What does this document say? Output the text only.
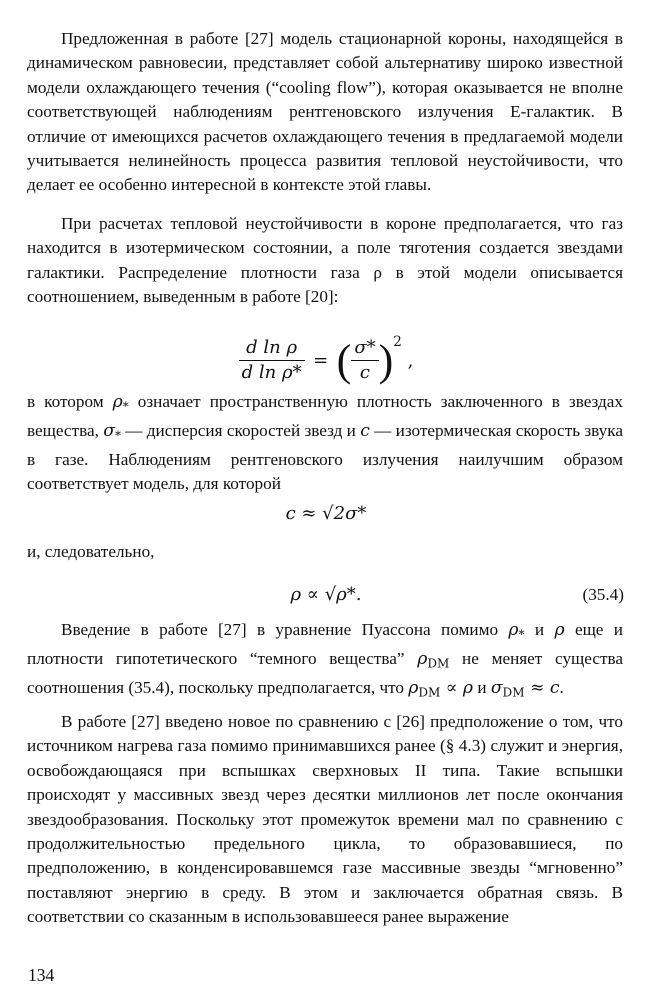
Предложенная в работе [27] модель стационарной короны, находящейся в динамическом равновесии, представляет собой альтернативу широко известной модели охлаждающего течения (“cooling flow”), которая оказывается не вполне соответствующей наблюдениям рентгеновского излучения E-галактик. В отличие от имеющихся расчетов охлаждающего течения в предлагаемой модели учитывается нелинейность процесса развития тепловой неустойчивости, что делает ее особенно интересной в контексте этой главы.

При расчетах тепловой неустойчивости в короне предполагается, что газ находится в изотермическом состоянии, а поле тяготения создается звездами галактики. Распределение плотности газа ρ в этой модели описывается соотношением, выведенным в работе [20]:

$\frac{\text{d ln ρ}}{\text{d ln ρ*}}$ = ( $\frac{\sigma*}{c} )^2$ ,

в котором $\rho_*$ означает пространственную плотность заключенного в звездах вещества, $\sigma_*$ — дисперсия скоростей звезд и c — изотермическая скорость звука в газе. Наблюдениям рентгеновского излучения наилучшим образом соответствует модель, для которой

c ≈ √2σ*

и, следовательно,

ρ ∝ √ρ*.	(35.4)

Введение в работе [27] в уравнение Пуассона помимо $\rho_*$ и ρ еще и плотности гипотетического “темного вещества” $\rho_{DM}$ не меняет существа соотношения (35.4), поскольку предполагается, что $\rho_{DM} \propto \rho$ и $\sigma_{DM} \approx c$.

В работе [27] введено новое по сравнению с [26] предположение о том, что источником нагрева газа помимо принимавшихся ранее (§ 4.3) служит и энергия, освобождающаяся при вспышках сверхновых II типа. Такие вспышки происходят у массивных звезд через десятки миллионов лет после окончания звездообразования. Поскольку этот промежуток времени мал по сравнению с продолжительностью предельного цикла, то образовавшиеся, по предположению, в конденсировавшемся газе массивные звезды “мгновенно” поставляют энергию в среду. В этом и заключается обратная связь. В соответствии со сказанным в использовавшееся ранее выражение

134
